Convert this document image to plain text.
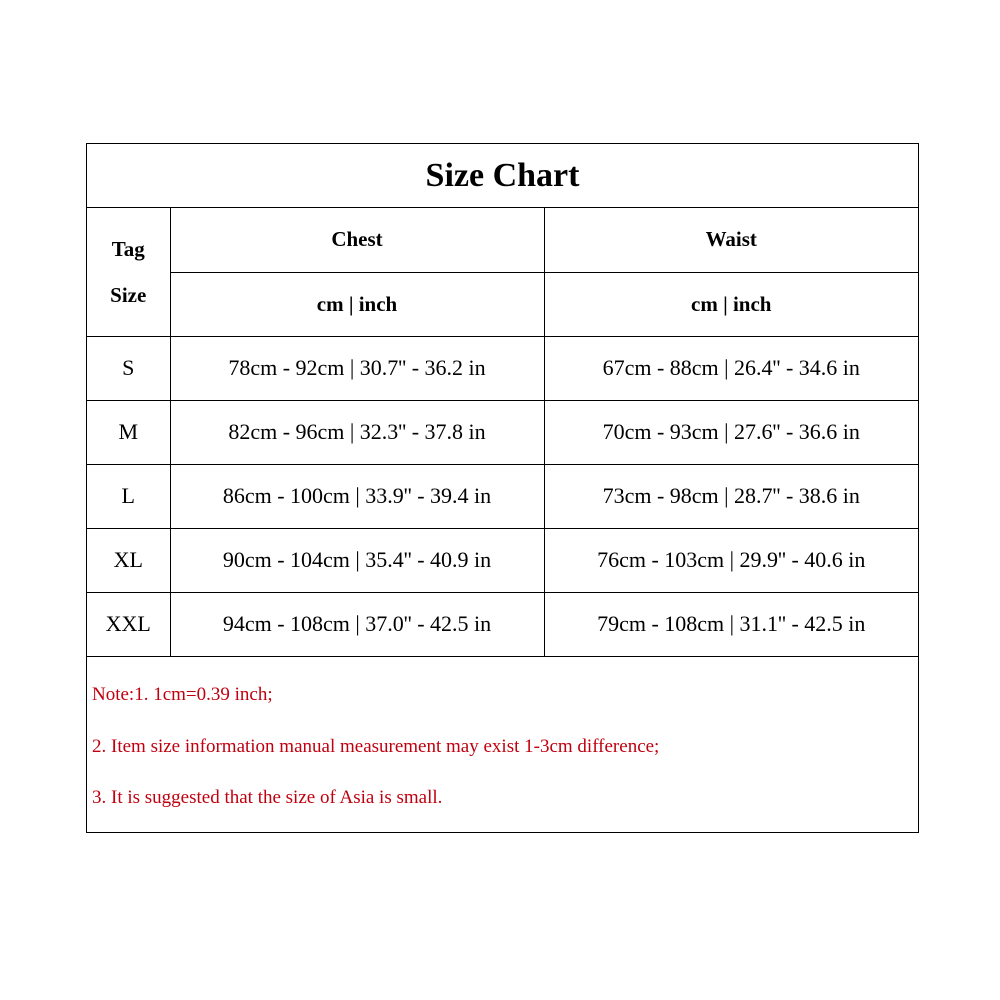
Size Chart
Tag
Size	Chest	Waist
	cm | inch	cm | inch
S	78cm - 92cm | 30.7'' - 36.2 in	67cm - 88cm | 26.4'' - 34.6 in
M	82cm - 96cm | 32.3'' - 37.8 in	70cm - 93cm | 27.6'' - 36.6 in
L	86cm - 100cm | 33.9'' - 39.4 in	73cm - 98cm | 28.7'' - 38.6 in
XL	90cm - 104cm | 35.4'' - 40.9 in	76cm - 103cm | 29.9'' - 40.6 in
XXL	94cm - 108cm | 37.0'' - 42.5 in	79cm - 108cm | 31.1'' - 42.5 in
Note:1. 1cm=0.39 inch;
2. Item size information manual measurement may exist 1-3cm difference;
3. It is suggested that the size of Asia is small.
